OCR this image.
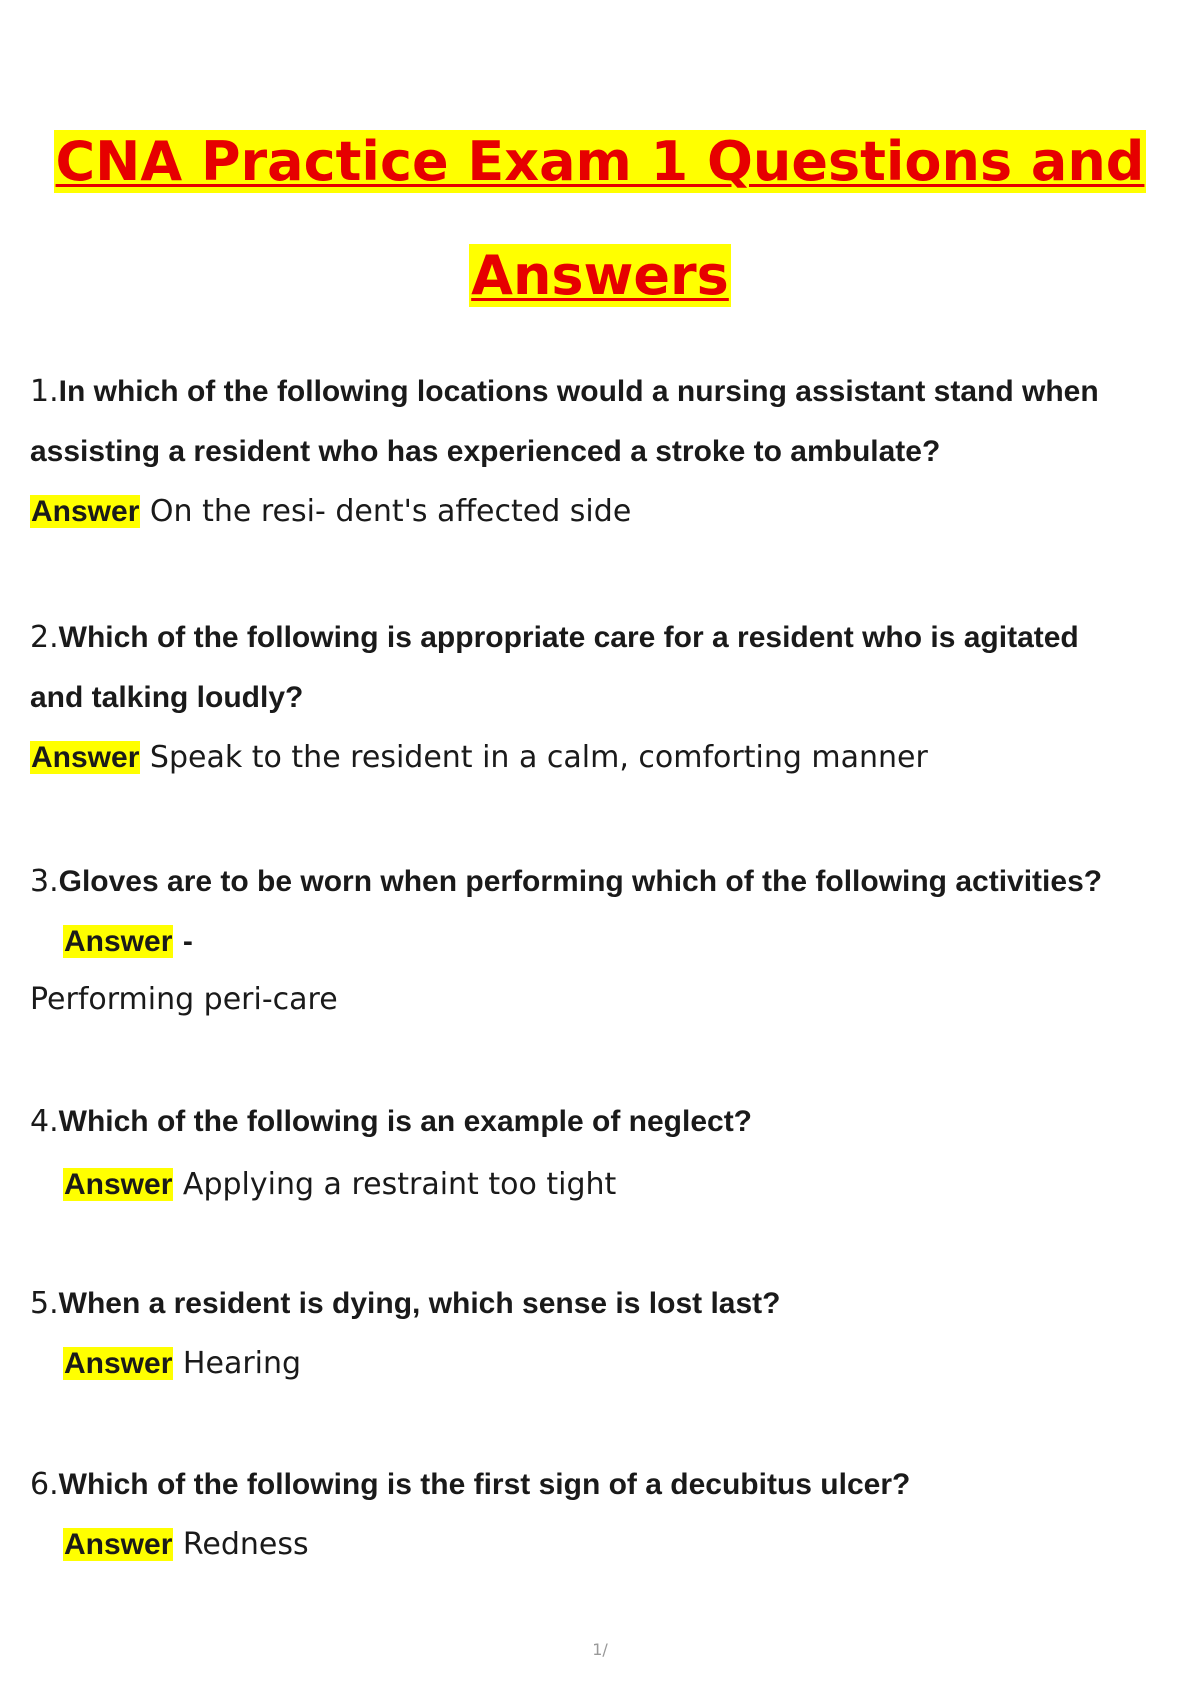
CNA Practice Exam 1 Questions and
Answers
1.In which of the following locations would a nursing assistant stand when
assisting a resident who has experienced a stroke to ambulate?
Answer On the resi- dent's affected side
2.Which of the following is appropriate care for a resident who is agitated
and talking loudly?
Answer Speak to the resident in a calm, comforting manner
3.Gloves are to be worn when performing which of the following activities?
Answer -
Performing peri-care
4.Which of the following is an example of neglect?
Answer Applying a restraint too tight
5.When a resident is dying, which sense is lost last?
Answer Hearing
6.Which of the following is the first sign of a decubitus ulcer?
Answer Redness
1/
